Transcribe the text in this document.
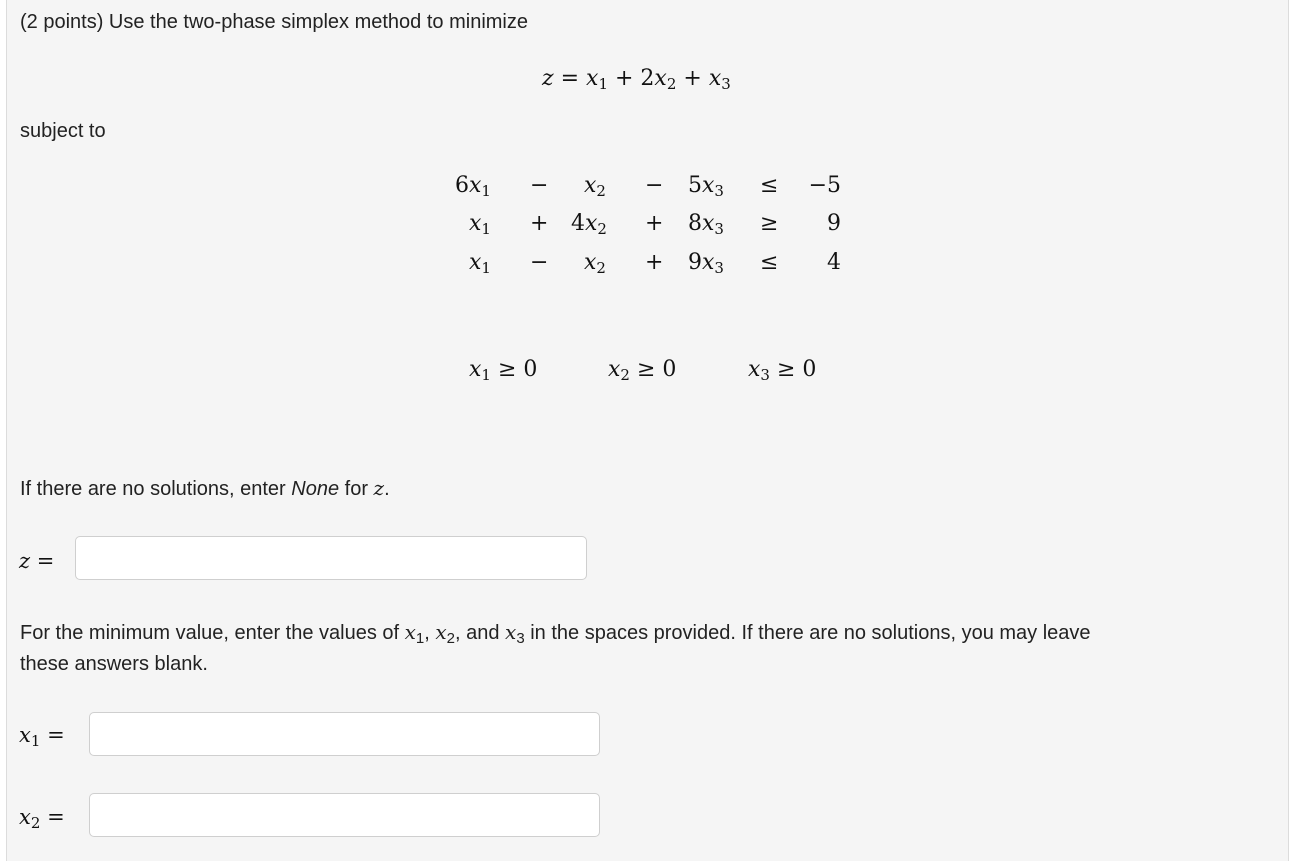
(2 points) Use the two-phase simplex method to minimize
$z = x_1 + 2x_2 + x_3$
subject to
$6x_1 - x_2 - 5x_3 \le -5$
$x_1 + 4x_2 + 8x_3$ ≥	9
$x_1 - x_2 + 9x_3$ ≤	4
$x_1 \ge 0$	$x_2 \ge 0$	$x_3 \ge 0$
If there are no solutions, enter None for z.
z =
For the minimum value, enter the values of $x_1$, $x_2$, and $x_3$ in the spaces provided. If there are no solutions, you may leave
these answers blank.
$x_1$ =
$x_2$ =
